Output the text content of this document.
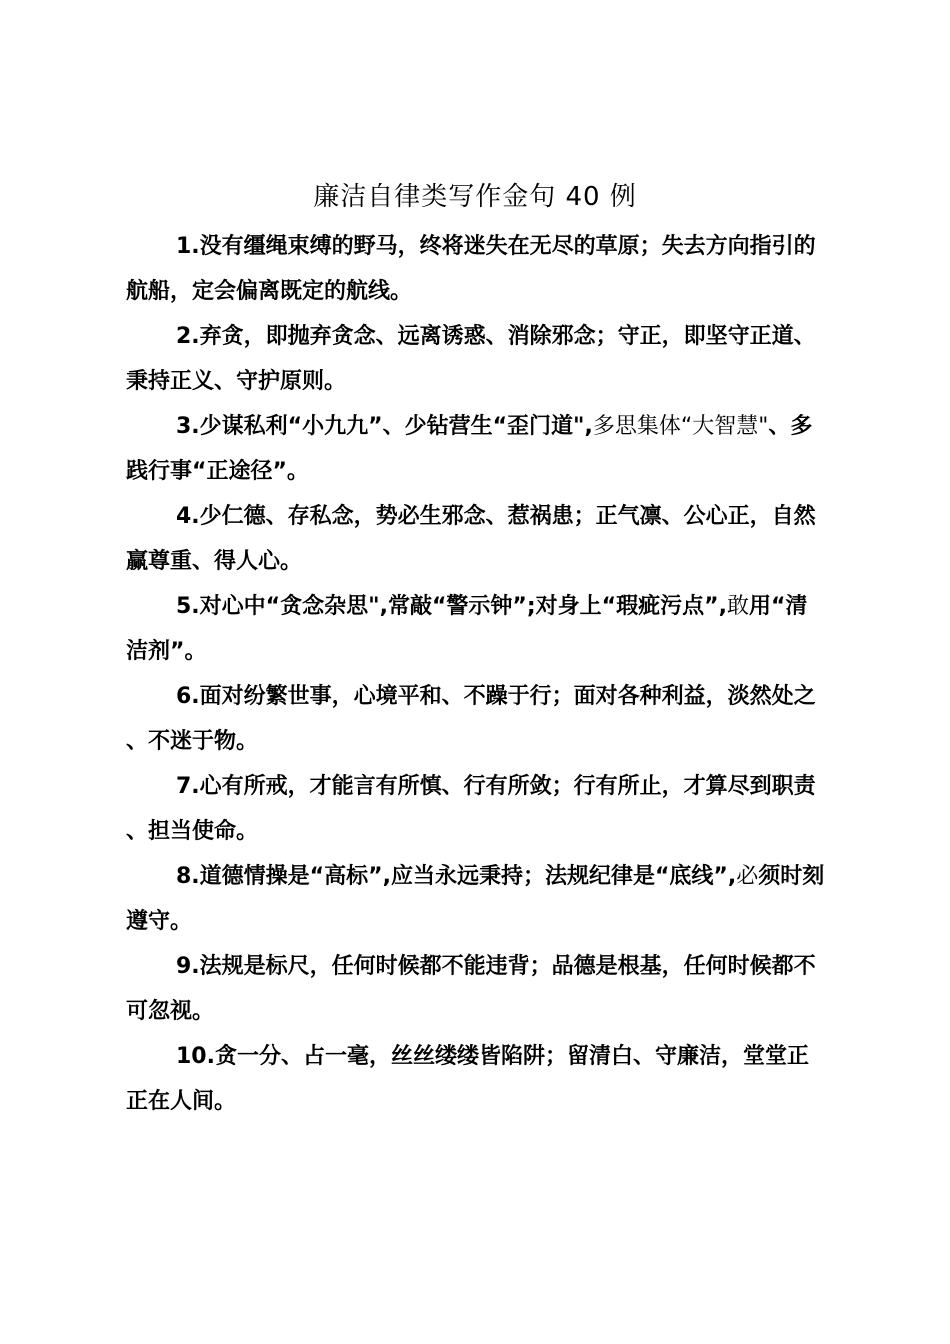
廉洁自律类写作金句 40 例
1.没有缰绳束缚的野马，终将迷失在无尽的草原；失去方向指引的航船，定会偏离既定的航线。
2.弃贪，即抛弃贪念、远离诱惑、消除邪念；守正，即坚守正道、秉持正义、守护原则。
3.少谋私利“小九九”、少钻营生“歪门道",多思集体“大智慧"、多践行事“正途径”。
4.少仁德、存私念，势必生邪念、惹祸患；正气凛、公心正，自然赢尊重、得人心。
5.对心中“贪念杂思",常敲“警示钟”;对身上“瑕疵污点”,敢用“清洁剂”。
6.面对纷繁世事，心境平和、不躁于行；面对各种利益，淡然处之、不迷于物。
7.心有所戒，才能言有所慎、行有所敛；行有所止，才算尽到职责、担当使命。
8.道德情操是“高标”,应当永远秉持；法规纪律是“底线”,必须时刻遵守。
9.法规是标尺，任何时候都不能违背；品德是根基，任何时候都不可忽视。
10.贪一分、占一毫，丝丝缕缕皆陷阱；留清白、守廉洁，堂堂正正在人间。
